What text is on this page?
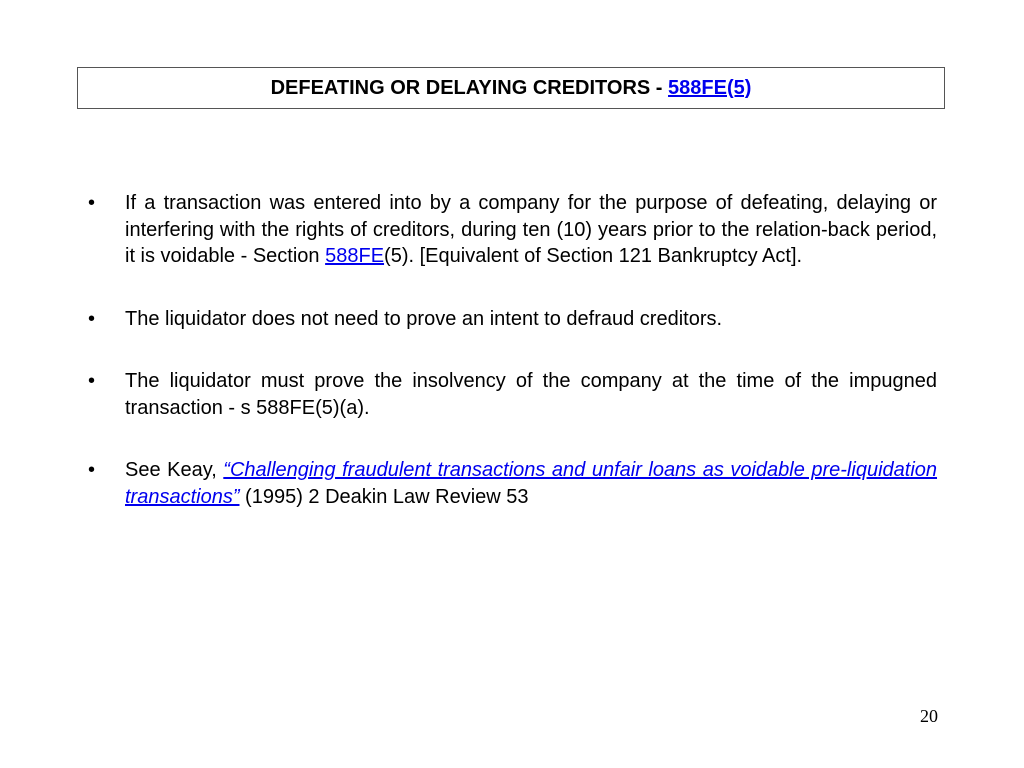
DEFEATING OR DELAYING CREDITORS -
588FE(5)
•	If a transaction was entered into by a company for the purpose of defeating, delaying or interfering with the rights of creditors, during ten (10) years prior to the relation-back period, it is voidable - Section 588FE(5). [Equivalent of Section 121 Bankruptcy Act].
•	The liquidator does not need to prove an intent to defraud creditors.
•	The liquidator must prove the insolvency of the company at the time of the impugned transaction - s 588FE(5)(a).
•	See Keay, “Challenging fraudulent transactions and unfair loans as voidable pre-liquidation transactions” (1995) 2 Deakin Law Review 53
20
